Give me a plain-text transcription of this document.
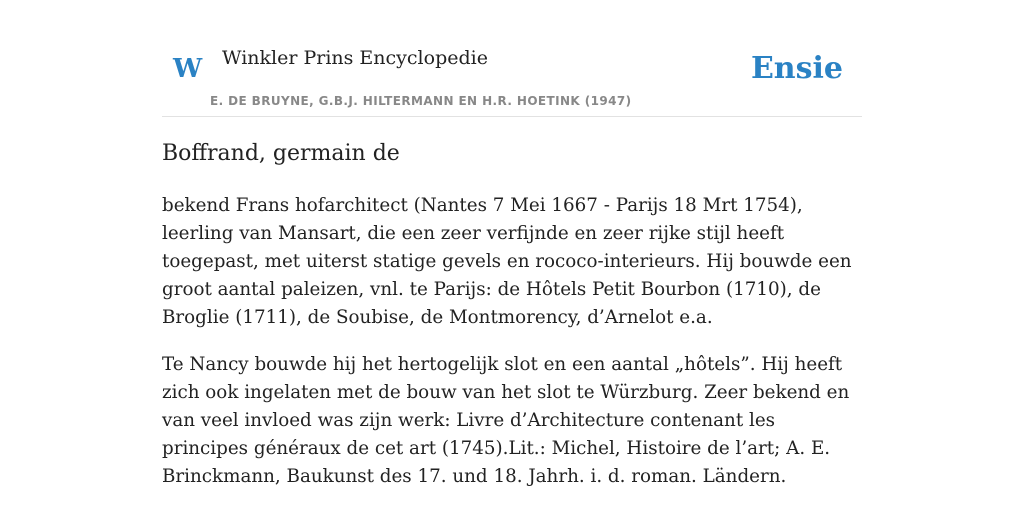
W Winkler Prins Encyclopedie	Ensie
E. DE BRUYNE, G.B.J. HILTERMANN EN H.R. HOETINK (1947)
Boffrand, germain de

bekend Frans hofarchitect (Nantes 7 Mei 1667 - Parijs 18 Mrt 1754), leerling van Mansart, die een zeer verfijnde en zeer rijke stijl heeft toegepast, met uiterst statige gevels en rococo-interieurs. Hij bouwde een groot aantal paleizen, vnl. te Parijs: de Hôtels Petit Bourbon (1710), de Broglie (1711), de Soubise, de Montmorency, d’Arnelot e.a.

Te Nancy bouwde hij het hertogelijk slot en een aantal „hôtels”. Hij heeft zich ook ingelaten met de bouw van het slot te Würzburg. Zeer bekend en van veel invloed was zijn werk: Livre d’Architecture contenant les principes généraux de cet art (1745).Lit.: Michel, Histoire de l’art; A. E. Brinckmann, Baukunst des 17. und 18. Jahrh. i. d. roman. Ländern.
